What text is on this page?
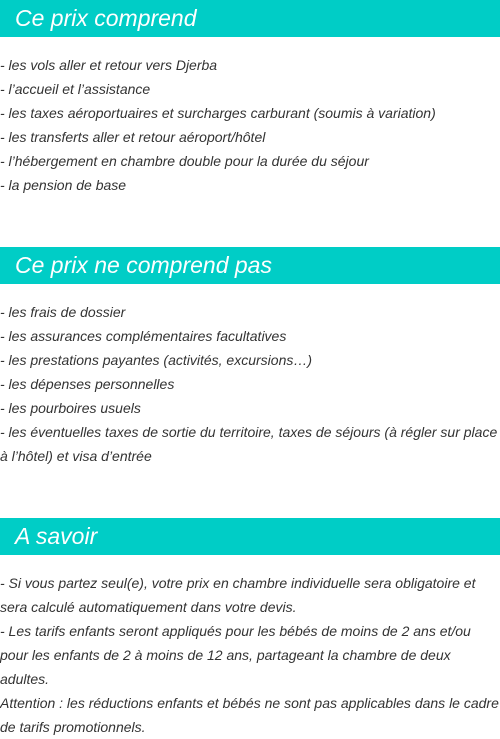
Ce prix comprend
- les vols aller et retour vers Djerba
- l’accueil et l’assistance
- les taxes aéroportuaires et surcharges carburant (soumis à variation)
- les transferts aller et retour aéroport/hôtel
- l’hébergement en chambre double pour la durée du séjour
- la pension de base
Ce prix ne comprend pas
- les frais de dossier
- les assurances complémentaires facultatives
- les prestations payantes (activités, excursions…)
- les dépenses personnelles
- les pourboires usuels
- les éventuelles taxes de sortie du territoire, taxes de séjours (à régler sur place à l’hôtel) et visa d’entrée
A savoir

- Si vous partez seul(e), votre prix en chambre individuelle sera obligatoire et sera calculé automatiquement dans votre devis.

- Les tarifs enfants seront appliqués pour les bébés de moins de 2 ans et/ou pour les enfants de 2 à moins de 12 ans, partageant la chambre de deux adultes.

Attention : les réductions enfants et bébés ne sont pas applicables dans le cadre de tarifs promotionnels.
